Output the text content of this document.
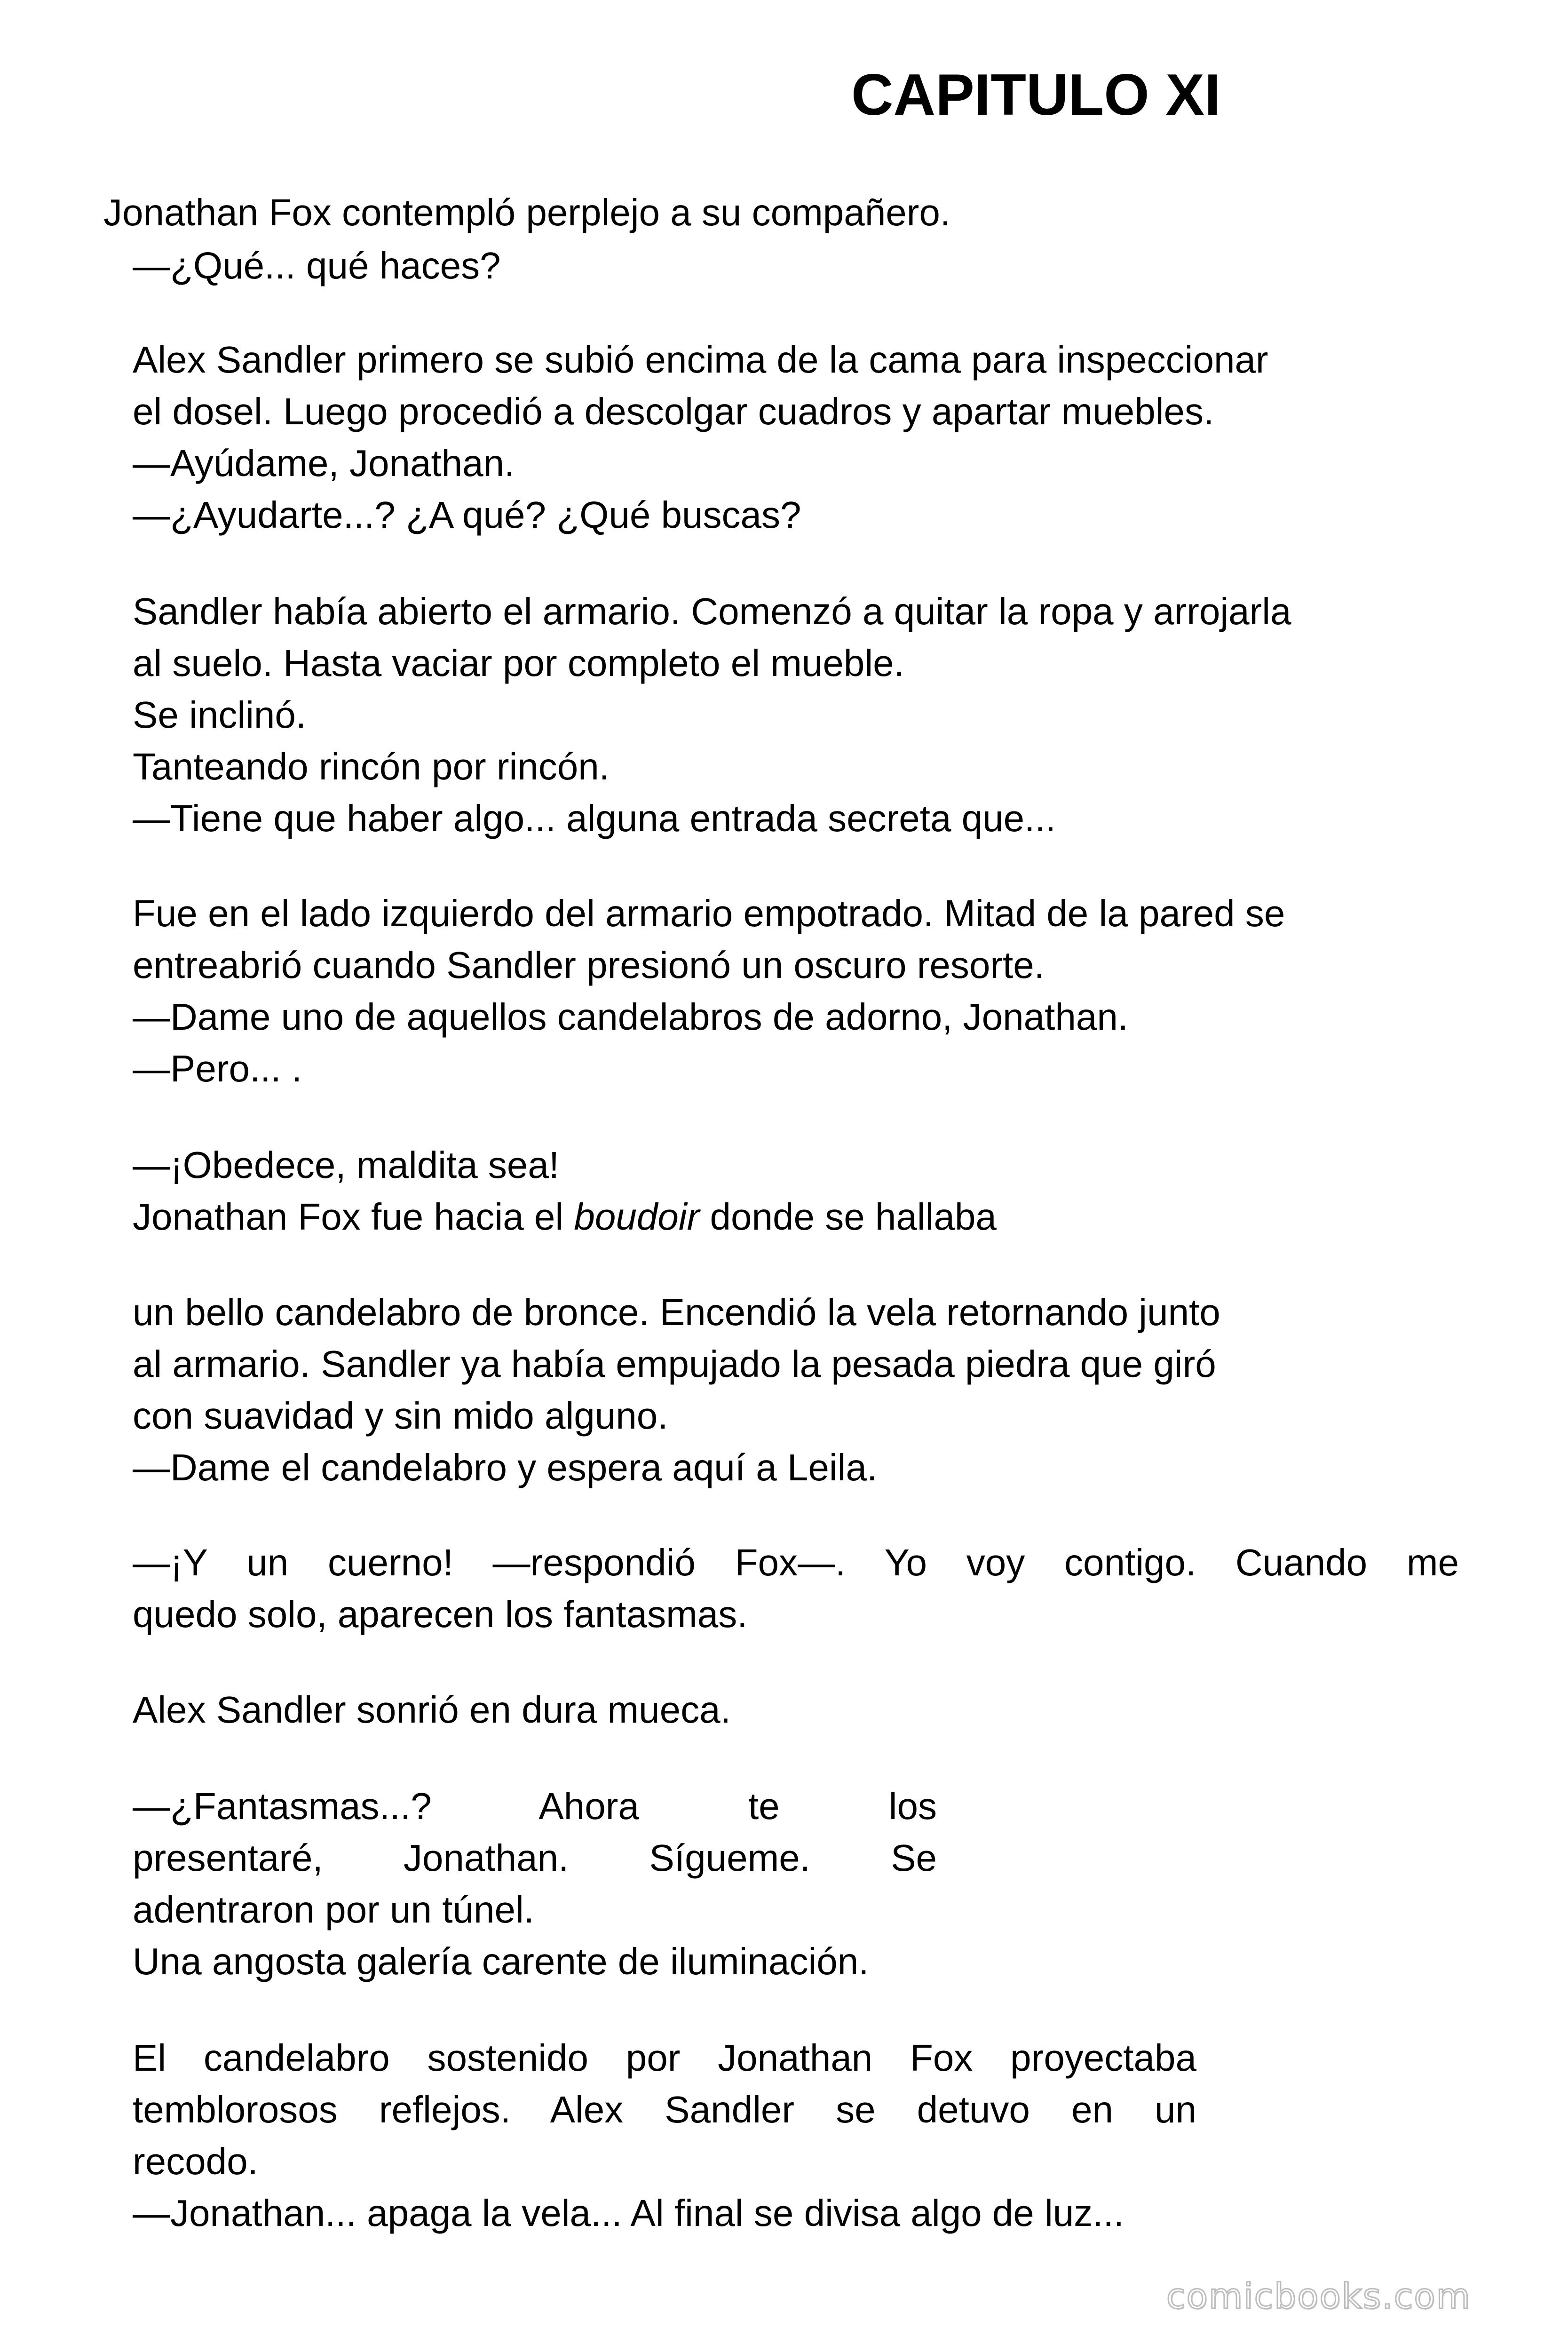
CAPITULO XI

Jonathan Fox contempló perplejo a su compañero.

—¿Qué... qué haces?

Alex Sandler primero se subió encima de la cama para inspeccionar

el dosel. Luego procedió a descolgar cuadros y apartar muebles.

—Ayúdame, Jonathan.

—¿Ayudarte...? ¿A qué? ¿Qué buscas?

Sandler había abierto el armario. Comenzó a quitar la ropa y arrojarla

al suelo. Hasta vaciar por completo el mueble.

Se inclinó.

Tanteando rincón por rincón.

—Tiene que haber algo... alguna entrada secreta que...

Fue en el lado izquierdo del armario empotrado. Mitad de la pared se

entreabrió cuando Sandler presionó un oscuro resorte.

—Dame uno de aquellos candelabros de adorno, Jonathan.

—Pero... .

—¡Obedece, maldita sea!

Jonathan Fox fue hacia el boudoir donde se hallaba

un bello candelabro de bronce. Encendió la vela retornando junto

al armario. Sandler ya había empujado la pesada piedra que giró

con suavidad y sin mido alguno.

—Dame el candelabro y espera aquí a Leila.

—¡Y un cuerno! —respondió Fox—. Yo voy contigo. Cuando me

quedo solo, aparecen los fantasmas.

Alex Sandler sonrió en dura mueca.

—¿Fantasmas...? Ahora te los

presentaré, Jonathan. Sígueme. Se

adentraron por un túnel.

Una angosta galería carente de iluminación.

El candelabro sostenido por Jonathan Fox proyectaba

temblorosos reflejos. Alex Sandler se detuvo en un

recodo.

—Jonathan... apaga la vela... Al final se divisa algo de luz...

comicbooks.com
